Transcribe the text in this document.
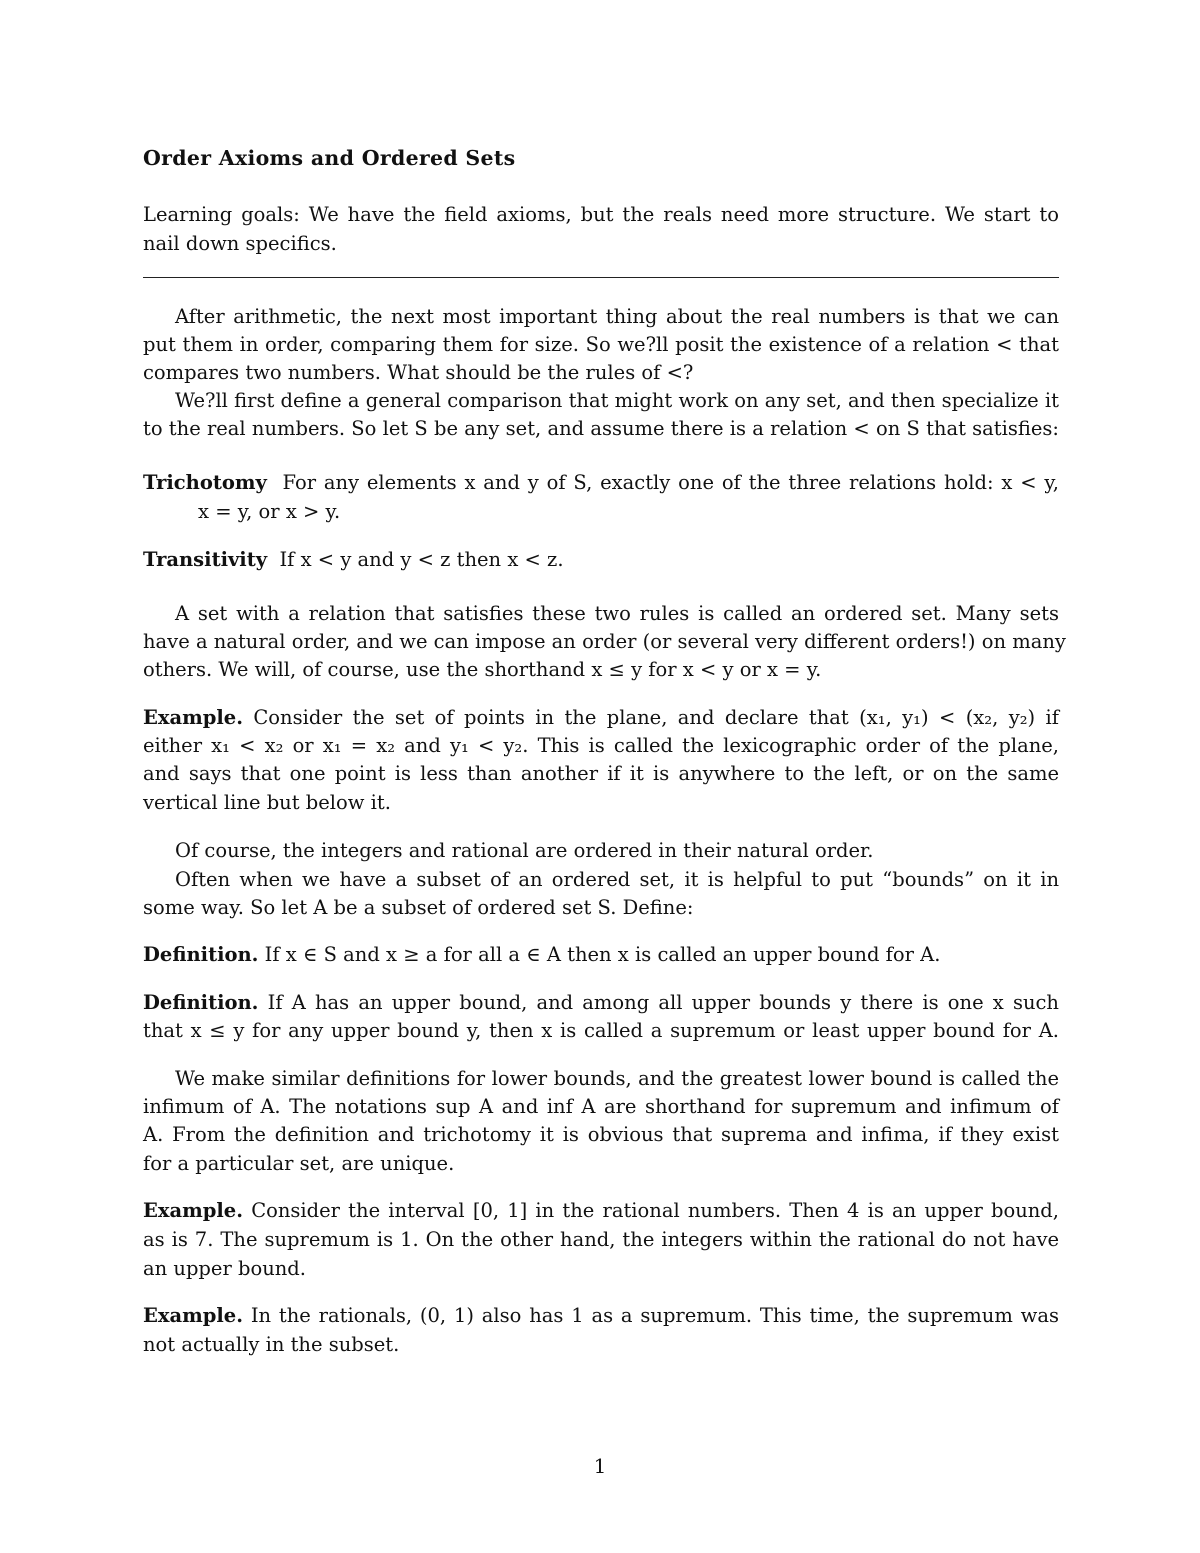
Order Axioms and Ordered Sets
Learning goals: We have the field axioms, but the reals need more structure. We start to
nail down specifics.
After arithmetic, the next most important thing about the real numbers is that we can
put them in order, comparing them for size. So we?ll posit the existence of a relation < that
compares two numbers. What should be the rules of <?
We?ll first define a general comparison that might work on any set, and then specialize it
to the real numbers. So let S be any set, and assume there is a relation < on S that satisfies:
Trichotomy For any elements x and y of S, exactly one of the three relations hold: x < y,
x = y, or x > y.
Transitivity If x < y and y < z then x < z.
A set with a relation that satisfies these two rules is called an ordered set. Many sets
have a natural order, and we can impose an order (or several very different orders!) on many
others. We will, of course, use the shorthand x ≤ y for x < y or x = y.
Example. Consider the set of points in the plane, and declare that (x₁, y₁) < (x₂, y₂) if
either x₁ < x₂ or x₁ = x₂ and y₁ < y₂. This is called the lexicographic order of the plane,
and says that one point is less than another if it is anywhere to the left, or on the same
vertical line but below it.
Of course, the integers and rational are ordered in their natural order.
Often when we have a subset of an ordered set, it is helpful to put “bounds” on it in
some way. So let A be a subset of ordered set S. Define:
Definition. If x ∈ S and x ≥ a for all a ∈ A then x is called an upper bound for A.
Definition. If A has an upper bound, and among all upper bounds y there is one x such
that x ≤ y for any upper bound y, then x is called a supremum or least upper bound for A.
We make similar definitions for lower bounds, and the greatest lower bound is called the
infimum of A. The notations sup A and inf A are shorthand for supremum and infimum of
A. From the definition and trichotomy it is obvious that suprema and infima, if they exist
for a particular set, are unique.
Example. Consider the interval [0, 1] in the rational numbers. Then 4 is an upper bound,
as is 7. The supremum is 1. On the other hand, the integers within the rational do not have
an upper bound.
Example. In the rationals, (0, 1) also has 1 as a supremum. This time, the supremum was
not actually in the subset.
1
